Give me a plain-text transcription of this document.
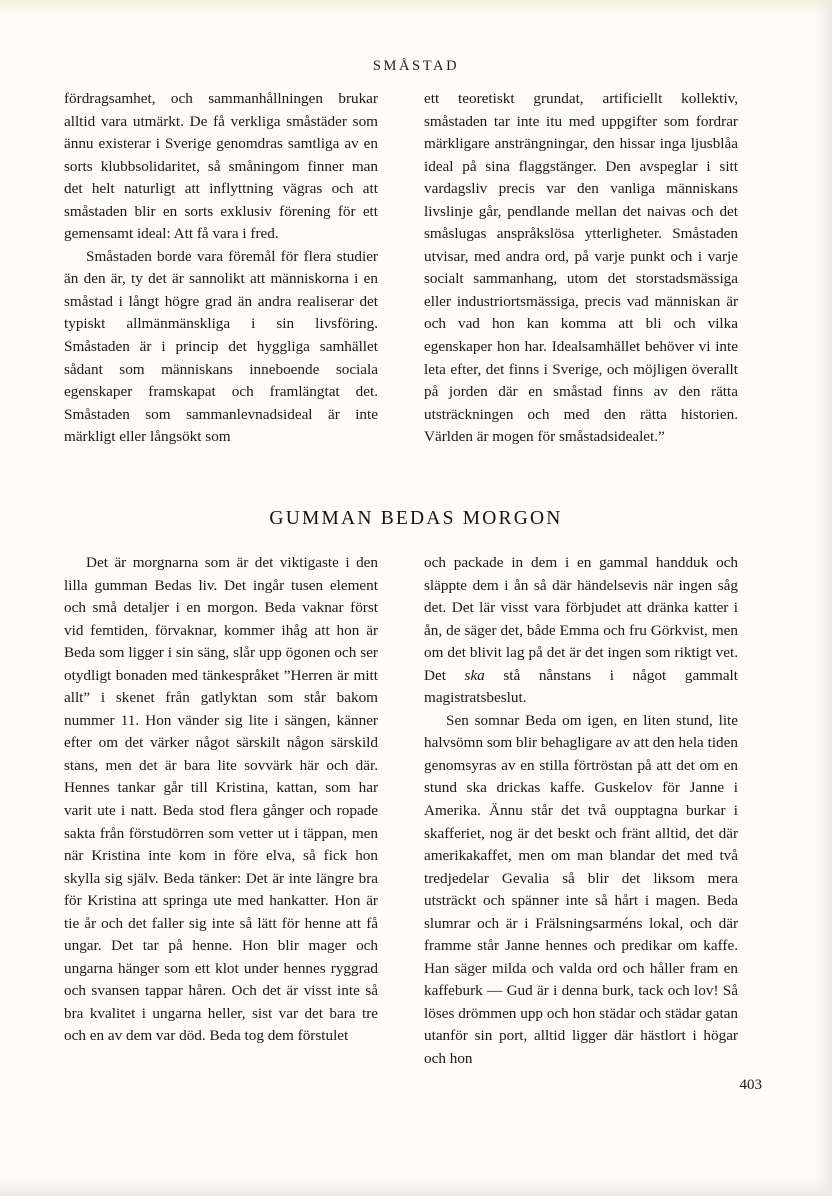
SMÅSTAD

fördragsamhet, och sammanhållningen brukar alltid vara utmärkt. De få verkliga småstäder som ännu existerar i Sverige genomdras samtliga av en sorts klubbsolidaritet, så småningom finner man det helt naturligt att inflyttning vägras och att småstaden blir en sorts exklusiv förening för ett gemensamt ideal: Att få vara i fred.

Småstaden borde vara föremål för flera studier än den är, ty det är sannolikt att människorna i en småstad i långt högre grad än andra realiserar det typiskt allmänmänskliga i sin livsföring. Småstaden är i princip det hyggliga samhället sådant som människans inneboende sociala egenskaper framskapat och framlängtat det. Småstaden som sammanlevnadsideal är inte märkligt eller långsökt som

ett teoretiskt grundat, artificiellt kollektiv, småstaden tar inte itu med uppgifter som fordrar märkligare ansträngningar, den hissar inga ljusblåa ideal på sina flaggstänger. Den avspeglar i sitt vardagsliv precis var den vanliga människans livslinje går, pendlande mellan det naivas och det småslugas anspråkslösa ytterligheter. Småstaden utvisar, med andra ord, på varje punkt och i varje socialt sammanhang, utom det storstadsmässiga eller industriortsmässiga, precis vad människan är och vad hon kan komma att bli och vilka egenskaper hon har. Idealsamhället behöver vi inte leta efter, det finns i Sverige, och möjligen överallt på jorden där en småstad finns av den rätta utsträckningen och med den rätta historien. Världen är mogen för småstadsidealet.”

GUMMAN BEDAS MORGON

Det är morgnarna som är det viktigaste i den lilla gumman Bedas liv. Det ingår tusen element och små detaljer i en morgon. Beda vaknar först vid femtiden, förvaknar, kommer ihåg att hon är Beda som ligger i sin säng, slår upp ögonen och ser otydligt bonaden med tänkespråket ”Herren är mitt allt” i skenet från gatlyktan som står bakom nummer 11. Hon vänder sig lite i sängen, känner efter om det värker något särskilt någon särskild stans, men det är bara lite sovvärk här och där. Hennes tankar går till Kristina, kattan, som har varit ute i natt. Beda stod flera gånger och ropade sakta från förstudörren som vetter ut i täppan, men när Kristina inte kom in före elva, så fick hon skylla sig själv. Beda tänker: Det är inte längre bra för Kristina att springa ute med hankatter. Hon är tie år och det faller sig inte så lätt för henne att få ungar. Det tar på henne. Hon blir mager och ungarna hänger som ett klot under hennes ryggrad och svansen tappar håren. Och det är visst inte så bra kvalitet i ungarna heller, sist var det bara tre och en av dem var död. Beda tog dem förstulet

och packade in dem i en gammal handduk och släppte dem i ån så där händelsevis när ingen såg det. Det lär visst vara förbjudet att dränka katter i ån, de säger det, både Emma och fru Görkvist, men om det blivit lag på det är det ingen som riktigt vet. Det ska stå nånstans i något gammalt magistratsbeslut.

Sen somnar Beda om igen, en liten stund, lite halvsömn som blir behagligare av att den hela tiden genomsyras av en stilla förtröstan på att det om en stund ska drickas kaffe. Guskelov för Janne i Amerika. Ännu står det två oupptagna burkar i skafferiet, nog är det beskt och fränt alltid, det där amerikakaffet, men om man blandar det med två tredjedelar Gevalia så blir det liksom mera utsträckt och spänner inte så hårt i magen. Beda slumrar och är i Frälsningsarméns lokal, och där framme står Janne hennes och predikar om kaffe. Han säger milda och valda ord och håller fram en kaffeburk — Gud är i denna burk, tack och lov! Så löses drömmen upp och hon städar och städar gatan utanför sin port, alltid ligger där hästlort i högar och hon

403
